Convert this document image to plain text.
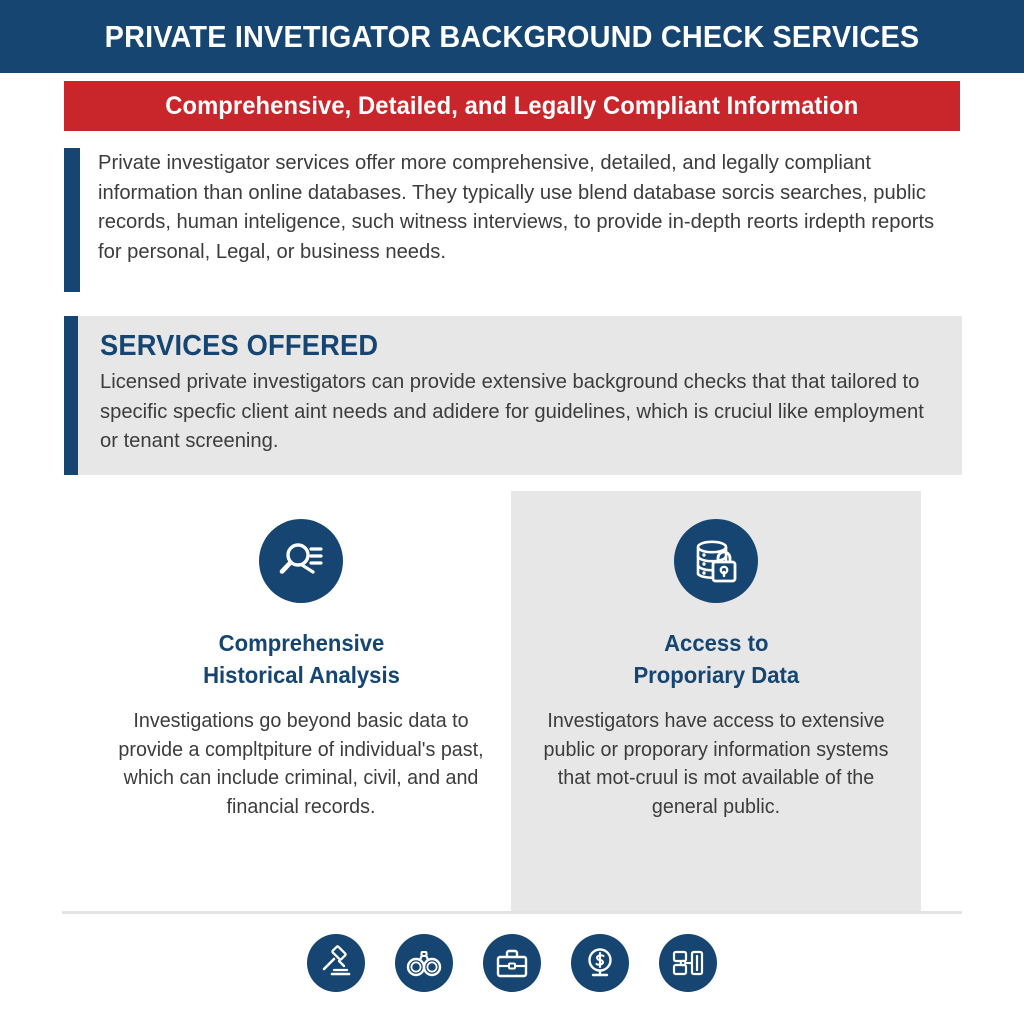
PRIVATE INVETIGATOR BACKGROUND CHECK SERVICES
Comprehensive, Detailed, and Legally Compliant Information
Private investigator services offer more comprehensive, detailed, and legally compliant information than online databases. They typically use blend database sorcis searches, public records, human inteligence, such witness interviews, to provide in-depth reorts irdepth reports for personal, Legal, or business needs.
SERVICES OFFERED
Licensed private investigators can provide extensive background checks that that tailored to specific specfic client aint needs and adidere for guidelines, which is cruciul like employment or tenant screening.
Comprehensive
Historical Analysis
Investigations go beyond basic data to provide a compltpiture of individual's past, which can include criminal, civil, and and financial records.
Access to
Proporiary Data
Investigators have access to extensive public or proporary information systems that mot-cruul is mot available of the general public.
